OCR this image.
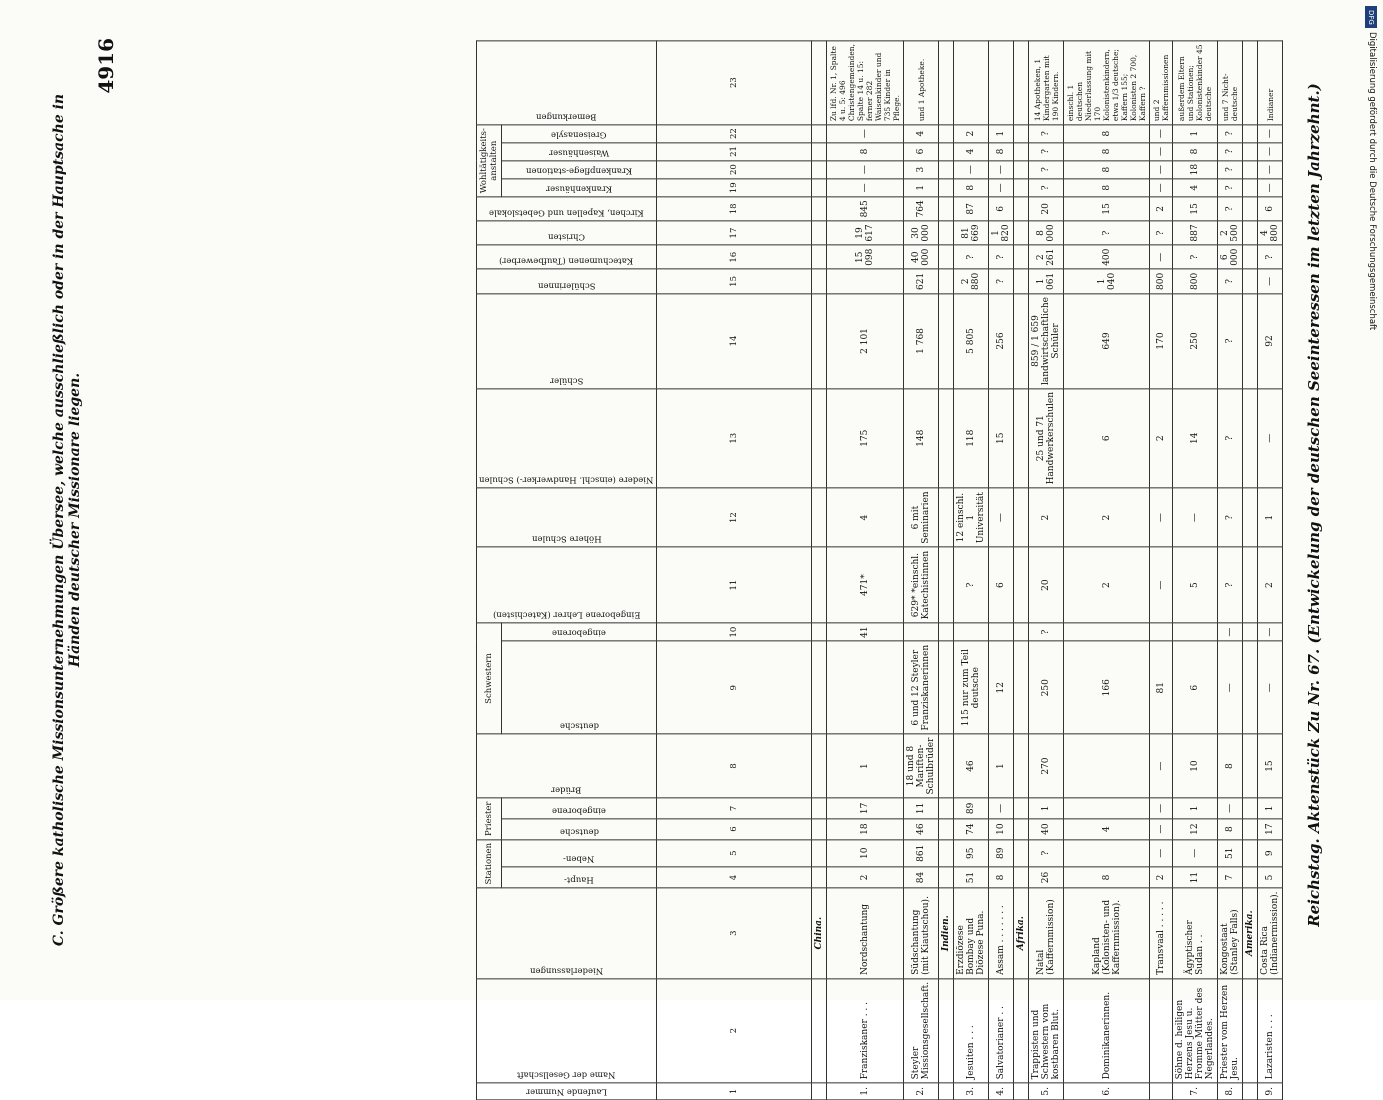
Reichstag. Aktenstück Zu Nr. 67. (Entwickelung der deutschen Seeinteressen im letzten Jahrzehnt.)
4916
C. Größere katholische Missionsunternehmungen Übersee, welche ausschließlich oder in der Hauptsache in Händen deutscher Missionare liegen.
Laufende Nummer	Name der Gesellschaft	Niederlassungen	Stationen		Priester		Brüder	Schwestern		Eingeborene Lehrer (Katechisten)	Höhere Schulen	Niedere (einschl. Handwerker-) Schulen	Schüler	Schülerinnen	Katechumenen (Taufbewerber)	Christen	Kirchen, Kapellen und Gebetslokale	Wohltätigkeits-anstalten				Bemerkungen

			Haupt-	Neben-	deutsche	eingeborene		deutsche	eingeborene									Krankenhäuser	Krankenpflege-stationen	Waisenhäuser	Greisenasyle	

1	2	3	4	5	6	7	8	9	10	11	12	13	14	15	16	17	18	19	20	21	22	23
		China.																				
1.	Franziskaner . . .	Nordschantung	2	10	18	17	1		41	471*	4	175	2 101		15 098	19 617	845	—	—	8	—	Zu lfd. Nr. 1, Spalte 4 u. 5: 496 Christengemeinden, Spalte 14 u. 15: ferner 282 Waisenkinder und 735 Kinder in Pflege.
2.	Steyler Missionsgesellschaft.	Südschantung (mit Kiautschou).	84	861	46	11	18 und 8 Mariften-Schulbrüder	6 und 12 Steyler Franziskanerinnen		629* *einschl. Katechistinnen	6 mit Seminarien	148	1 768	621	40 000	30 000	764	1	3	6	4	und 1 Apotheke.
		Indien.																				
3.	Jesuiten . . .	Erzdiözese Bombay und Diözese Puna.	51	95	74	89	46	115 nur zum Teil deutsche		?	12 einschl. 1 Universität	118	5 805	2 880	?	81 669	87	8	—	4	2	
4.	Salvatorianer . .	Assam . . . . . . .	8	89	10	—	1	12		6	—	15	256	?	?	1 820	6	—	—	8	1	
		Afrika.																				
5.	Trappisten und Schwestern vom kostbaren Blut.	Natal (Kaffernmission)	26	?	40	1	270	250	?	20	2	25 und 71 Handwerkerschulen	859 / 1 659 landwirtschaftliche Schüler	1 061	2 261	8 000	20	?	?	?	?	14 Apotheken, 1 Kindergarten mit 190 Kindern.
6.	Dominikanerinnen.	Kapland (Kolonisten- und Kaffernmission).	8		4			166		2	2	6	649	1 040	400	?	15	8	8	8	8	einschl. 1 deutschen Niederlassung mit 170 Kolonistenkindern, etwa 1/3 deutsche; Kaffern 155; Kolonisten 2 700, Kaffern ?
		Transvaal . . . . .	2	—	—	—	—	81		—	—	2	170	800	—	?	2	—	—	—	—	und 2 Kaffernmissionen
7.	Söhne d. heiligen Herzens Jesu u. Fromme Mütter des Negerlandes.	Ägyptischer Sudan . .	11	—	12	1	10	6		5	—	14	250	800	?	887	15	4	18	8	1	außerdem Eltern und Stationen; Kolonistenkinder 45 deutsche
8.	Priester vom Herzen Jesu.	Kongostaat (Stanley Falls)	7	51	8	—	8	—	—	?	?	?	?	?	6 000	2 500	?	?	?	?	?	und 7 Nicht-deutsche
		Amerika.																				
9.	Lazaristen . . .	Costa Rica (Indianermission).	5	9	17	1	15	—	—	2	1	—	92	—	?	4 800	6	—	—	—	—	Indianer
DFG
Digitalisierung gefördert durch die Deutsche Forschungsgemeinschaft
